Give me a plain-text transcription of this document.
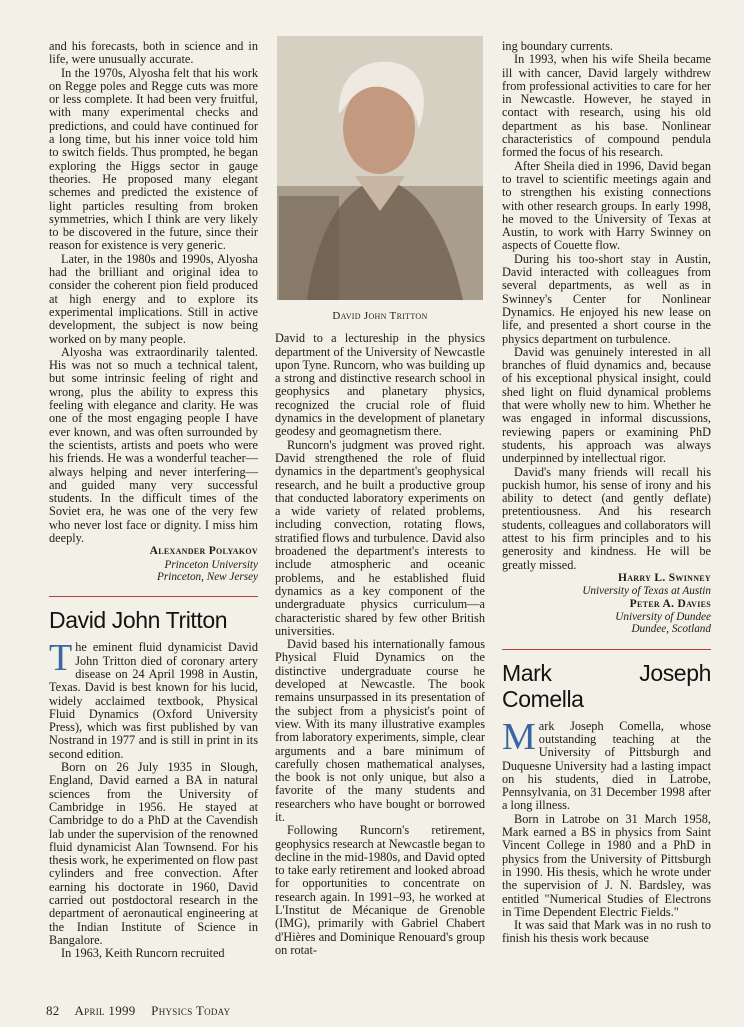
and his forecasts, both in science and in life, were unusually accurate.

In the 1970s, Alyosha felt that his work on Regge poles and Regge cuts was more or less complete. It had been very fruitful, with many experimental checks and predictions, and could have continued for a long time, but his inner voice told him to switch fields. Thus prompted, he began exploring the Higgs sector in gauge theories. He proposed many elegant schemes and predicted the existence of light particles resulting from broken symmetries, which I think are very likely to be discovered in the future, since their reason for existence is very generic.

Later, in the 1980s and 1990s, Alyosha had the brilliant and original idea to consider the coherent pion field produced at high energy and to explore its experimental implications. Still in active development, the subject is now being worked on by many people.

Alyosha was extraordinarily talented. His was not so much a technical talent, but some intrinsic feeling of right and wrong, plus the ability to express this feeling with elegance and clarity. He was one of the most engaging people I have ever known, and was often surrounded by the scientists, artists and poets who were his friends. He was a wonderful teacher—always helping and never interfering—and guided many very successful students. In the difficult times of the Soviet era, he was one of the very few who never lost face or dignity. I miss him deeply.

Alexander Polyakov

Princeton University

Princeton, New Jersey

David John Tritton

The eminent fluid dynamicist David John Tritton died of coronary artery disease on 24 April 1998 in Austin, Texas. David is best known for his lucid, widely acclaimed textbook, Physical Fluid Dynamics (Oxford University Press), which was first published by van Nostrand in 1977 and is still in print in its second edition.

Born on 26 July 1935 in Slough, England, David earned a BA in natural sciences from the University of Cambridge in 1956. He stayed at Cambridge to do a PhD at the Cavendish lab under the supervision of the renowned fluid dynamicist Alan Townsend. For his thesis work, he experimented on flow past cylinders and free convection. After earning his doctorate in 1960, David carried out postdoctoral research in the department of aeronautical engineering at the Indian Institute of Science in Bangalore.

In 1963, Keith Runcorn recruited

David John Tritton

David to a lectureship in the physics department of the University of Newcastle upon Tyne. Runcorn, who was building up a strong and distinctive research school in geophysics and planetary physics, recognized the crucial role of fluid dynamics in the development of planetary geodesy and geomagnetism there.

Runcorn's judgment was proved right. David strengthened the role of fluid dynamics in the department's geophysical research, and he built a productive group that conducted laboratory experiments on a wide variety of related problems, including convection, rotating flows, stratified flows and turbulence. David also broadened the department's interests to include atmospheric and oceanic problems, and he established fluid dynamics as a key component of the undergraduate physics curriculum—a characteristic shared by few other British universities.

David based his internationally famous Physical Fluid Dynamics on the distinctive undergraduate course he developed at Newcastle. The book remains unsurpassed in its presentation of the subject from a physicist's point of view. With its many illustrative examples from laboratory experiments, simple, clear arguments and a bare minimum of carefully chosen mathematical analyses, the book is not only unique, but also a favorite of the many students and researchers who have bought or borrowed it.

Following Runcorn's retirement, geophysics research at Newcastle began to decline in the mid-1980s, and David opted to take early retirement and looked abroad for opportunities to concentrate on research again. In 1991–93, he worked at L'Institut de Mécanique de Grenoble (IMG), primarily with Gabriel Chabert d'Hières and Dominique Renouard's group on rotat-

ing boundary currents.

In 1993, when his wife Sheila became ill with cancer, David largely withdrew from professional activities to care for her in Newcastle. However, he stayed in contact with research, using his old department as his base. Nonlinear characteristics of compound pendula formed the focus of his research.

After Sheila died in 1996, David began to travel to scientific meetings again and to strengthen his existing connections with other research groups. In early 1998, he moved to the University of Texas at Austin, to work with Harry Swinney on aspects of Couette flow.

During his too-short stay in Austin, David interacted with colleagues from several departments, as well as in Swinney's Center for Nonlinear Dynamics. He enjoyed his new lease on life, and presented a short course in the physics department on turbulence.

David was genuinely interested in all branches of fluid dynamics and, because of his exceptional physical insight, could shed light on fluid dynamical problems that were wholly new to him. Whether he was engaged in informal discussions, reviewing papers or examining PhD students, his approach was always underpinned by intellectual rigor.

David's many friends will recall his puckish humor, his sense of irony and his ability to detect (and gently deflate) pretentiousness. And his research students, colleagues and collaborators will attest to his firm principles and to his generosity and kindness. He will be greatly missed.

Harry L. Swinney

University of Texas at Austin

Peter A. Davies

University of Dundee

Dundee, Scotland

Mark Joseph Comella

Mark Joseph Comella, whose outstanding teaching at the University of Pittsburgh and Duquesne University had a lasting impact on his students, died in Latrobe, Pennsylvania, on 31 December 1998 after a long illness.

Born in Latrobe on 31 March 1958, Mark earned a BS in physics from Saint Vincent College in 1980 and a PhD in physics from the University of Pittsburgh in 1990. His thesis, which he wrote under the supervision of J. N. Bardsley, was entitled "Numerical Studies of Electrons in Time Dependent Electric Fields."

It was said that Mark was in no rush to finish his thesis work because

82 April 1999 Physics Today
